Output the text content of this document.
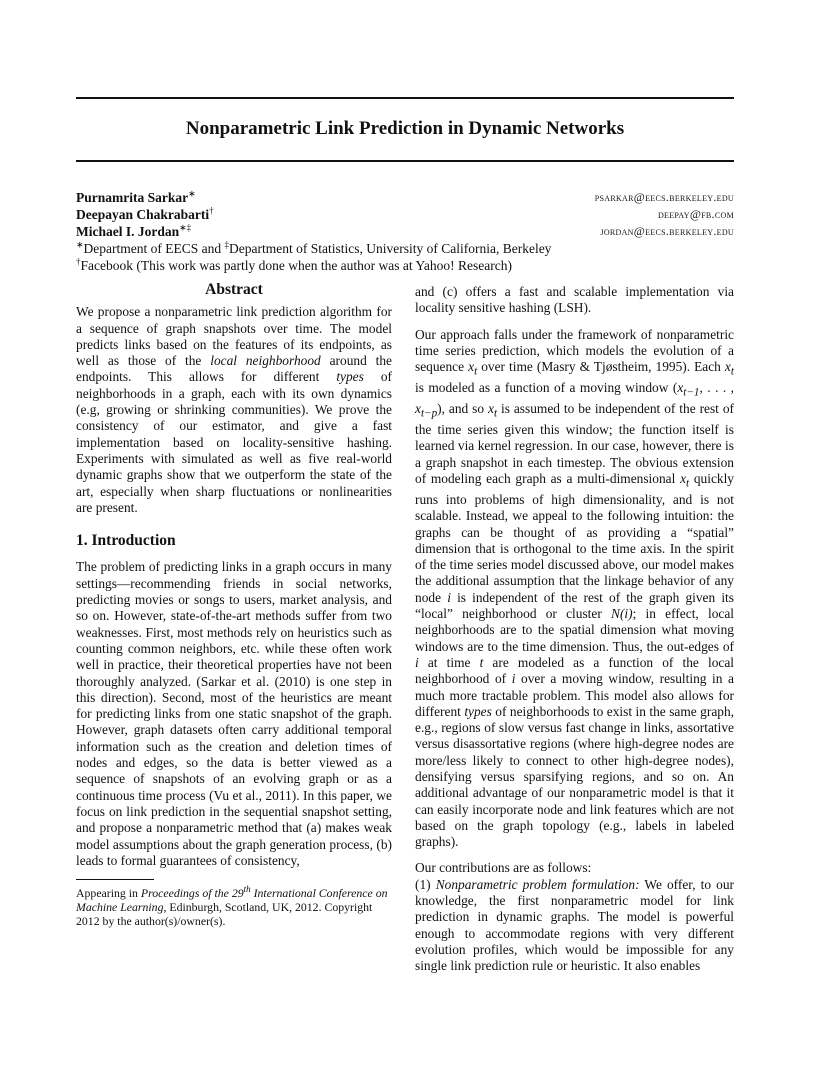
Nonparametric Link Prediction in Dynamic Networks
Purnamrita Sarkar∗	psarkar@eecs.berkeley.edu
Deepayan Chakrabarti†	deepay@fb.com
Michael I. Jordan∗‡	jordan@eecs.berkeley.edu
∗Department of EECS and ‡Department of Statistics, University of California, Berkeley
†Facebook (This work was partly done when the author was at Yahoo! Research)
Abstract

We propose a nonparametric link prediction algorithm for a sequence of graph snapshots over time. The model predicts links based on the features of its endpoints, as well as those of the local neighborhood around the endpoints. This allows for different types of neighborhoods in a graph, each with its own dynamics (e.g, growing or shrinking communities). We prove the consistency of our estimator, and give a fast implementation based on locality-sensitive hashing. Experiments with simulated as well as five real-world dynamic graphs show that we outperform the state of the art, especially when sharp fluctuations or nonlinearities are present.

1. Introduction

The problem of predicting links in a graph occurs in many settings—recommending friends in social networks, predicting movies or songs to users, market analysis, and so on. However, state-of-the-art methods suffer from two weaknesses. First, most methods rely on heuristics such as counting common neighbors, etc. while these often work well in practice, their theoretical properties have not been thoroughly analyzed. (Sarkar et al. (2010) is one step in this direction). Second, most of the heuristics are meant for predicting links from one static snapshot of the graph. However, graph datasets often carry additional temporal information such as the creation and deletion times of nodes and edges, so the data is better viewed as a sequence of snapshots of an evolving graph or as a continuous time process (Vu et al., 2011). In this paper, we focus on link prediction in the sequential snapshot setting, and propose a nonparametric method that (a) makes weak model assumptions about the graph generation process, (b) leads to formal guarantees of consistency,

Appearing in Proceedings of the 29th International Conference on Machine Learning, Edinburgh, Scotland, UK, 2012. Copyright 2012 by the author(s)/owner(s).

and (c) offers a fast and scalable implementation via locality sensitive hashing (LSH).

Our approach falls under the framework of nonparametric time series prediction, which models the evolution of a sequence $x_t$ over time (Masry & Tjøstheim, 1995). Each $x_t$ is modeled as a function of a moving window ($x_{t-1}$, . . . , $x_{t-p}$), and so $x_t$ is assumed to be independent of the rest of the time series given this window; the function itself is learned via kernel regression. In our case, however, there is a graph snapshot in each timestep. The obvious extension of modeling each graph as a multi-dimensional $x_t$ quickly runs into problems of high dimensionality, and is not scalable. Instead, we appeal to the following intuition: the graphs can be thought of as providing a “spatial” dimension that is orthogonal to the time axis. In the spirit of the time series model discussed above, our model makes the additional assumption that the linkage behavior of any node i is independent of the rest of the graph given its “local” neighborhood or cluster N(i); in effect, local neighborhoods are to the spatial dimension what moving windows are to the time dimension. Thus, the out-edges of i at time t are modeled as a function of the local neighborhood of i over a moving window, resulting in a much more tractable problem. This model also allows for different types of neighborhoods to exist in the same graph, e.g., regions of slow versus fast change in links, assortative versus disassortative regions (where high-degree nodes are more/less likely to connect to other high-degree nodes), densifying versus sparsifying regions, and so on. An additional advantage of our nonparametric model is that it can easily incorporate node and link features which are not based on the graph topology (e.g., labels in labeled graphs).

Our contributions are as follows:

(1) Nonparametric problem formulation: We offer, to our knowledge, the first nonparametric model for link prediction in dynamic graphs. The model is powerful enough to accommodate regions with very different evolution profiles, which would be impossible for any single link prediction rule or heuristic. It also enables
